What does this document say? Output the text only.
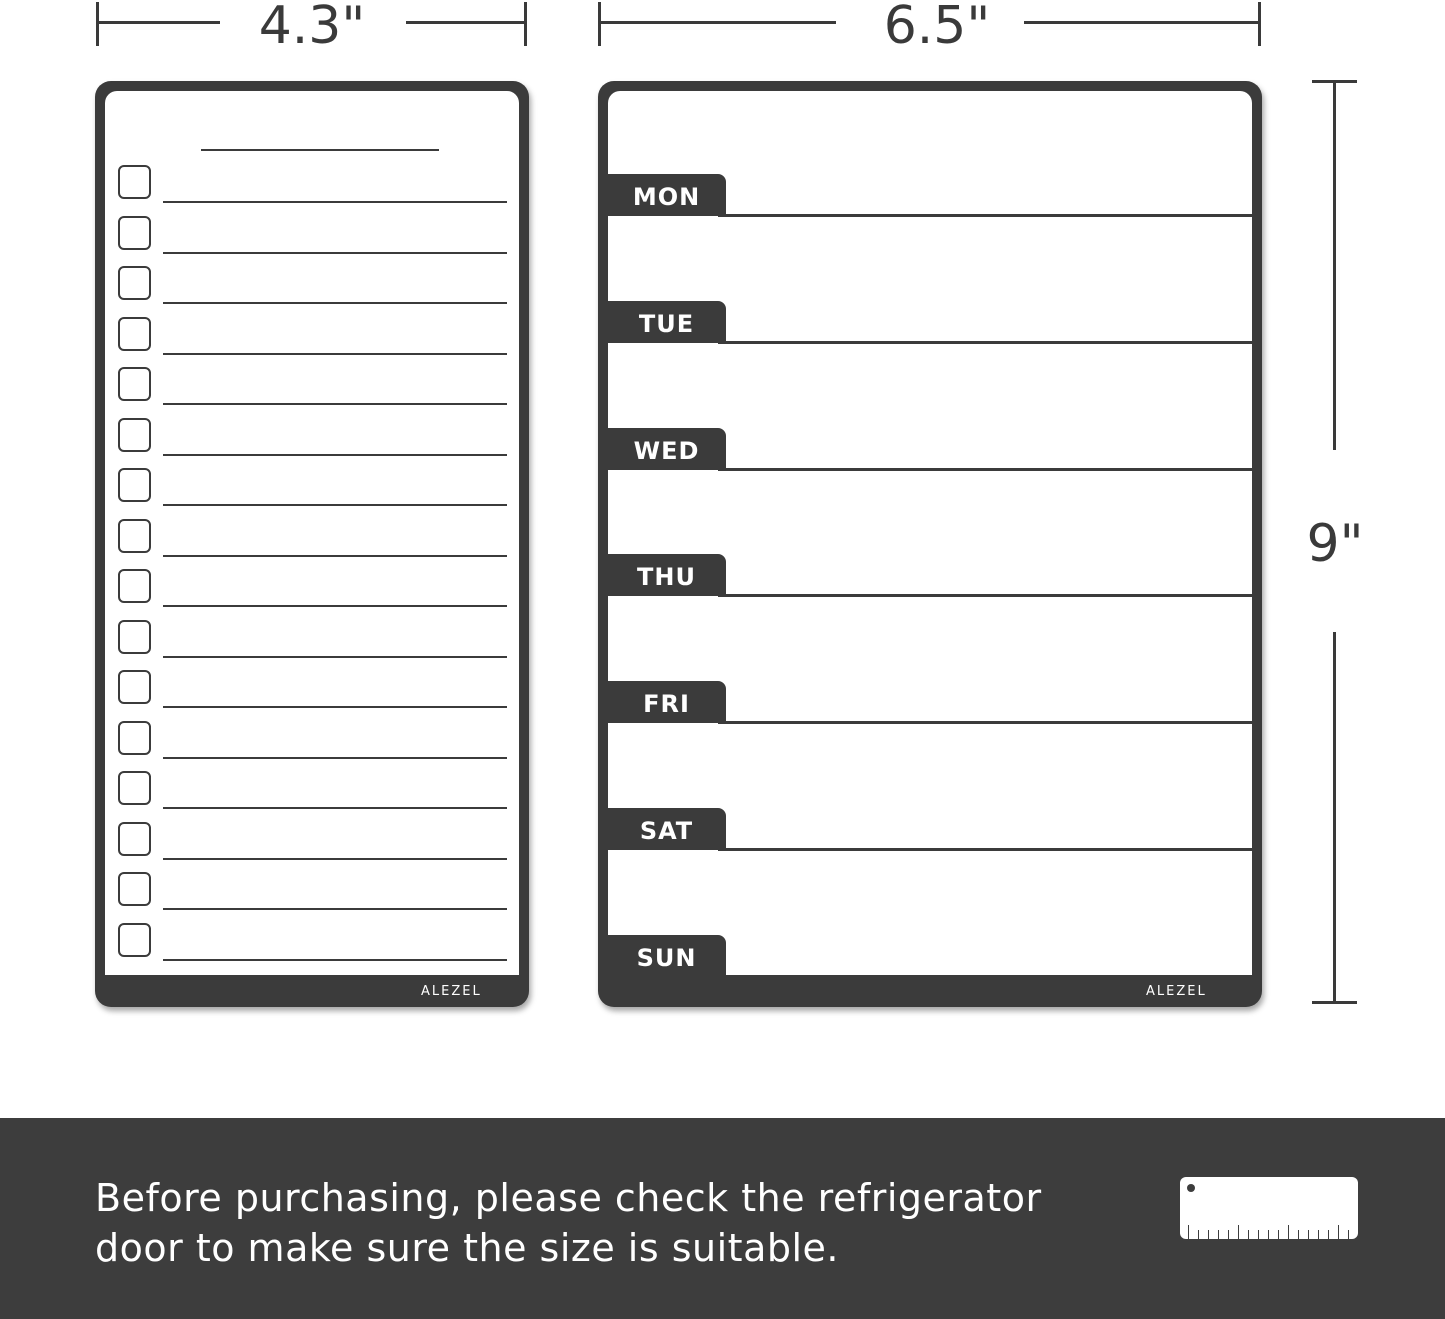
4.3"	6.5"
9"
ALEZEL
MON
TUE
WED
THU
FRI
SAT
SUN
ALEZEL
Before purchasing, please check the refrigerator
door to make sure the size is suitable.
